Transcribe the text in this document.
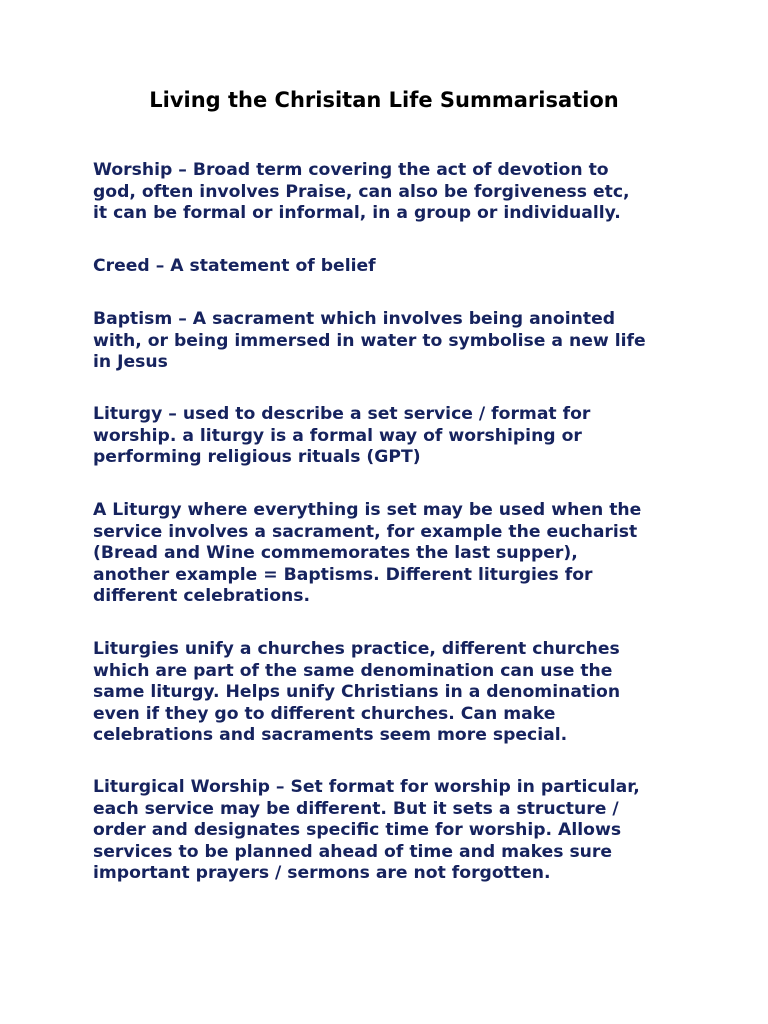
Living the Chrisitan Life Summarisation

Worship – Broad term covering the act of devotion to
god, often involves Praise, can also be forgiveness etc,
it can be formal or informal, in a group or individually.

Creed – A statement of belief

Baptism – A sacrament which involves being anointed
with, or being immersed in water to symbolise a new life
in Jesus

Liturgy – used to describe a set service / format for
worship. a liturgy is a formal way of worshiping or
performing religious rituals (GPT)

A Liturgy where everything is set may be used when the
service involves a sacrament, for example the eucharist
(Bread and Wine commemorates the last supper),
another example = Baptisms. Different liturgies for
different celebrations.

Liturgies unify a churches practice, different churches
which are part of the same denomination can use the
same liturgy. Helps unify Christians in a denomination
even if they go to different churches. Can make
celebrations and sacraments seem more special.

Liturgical Worship – Set format for worship in particular,
each service may be different. But it sets a structure /
order and designates specific time for worship. Allows
services to be planned ahead of time and makes sure
important prayers / sermons are not forgotten.
